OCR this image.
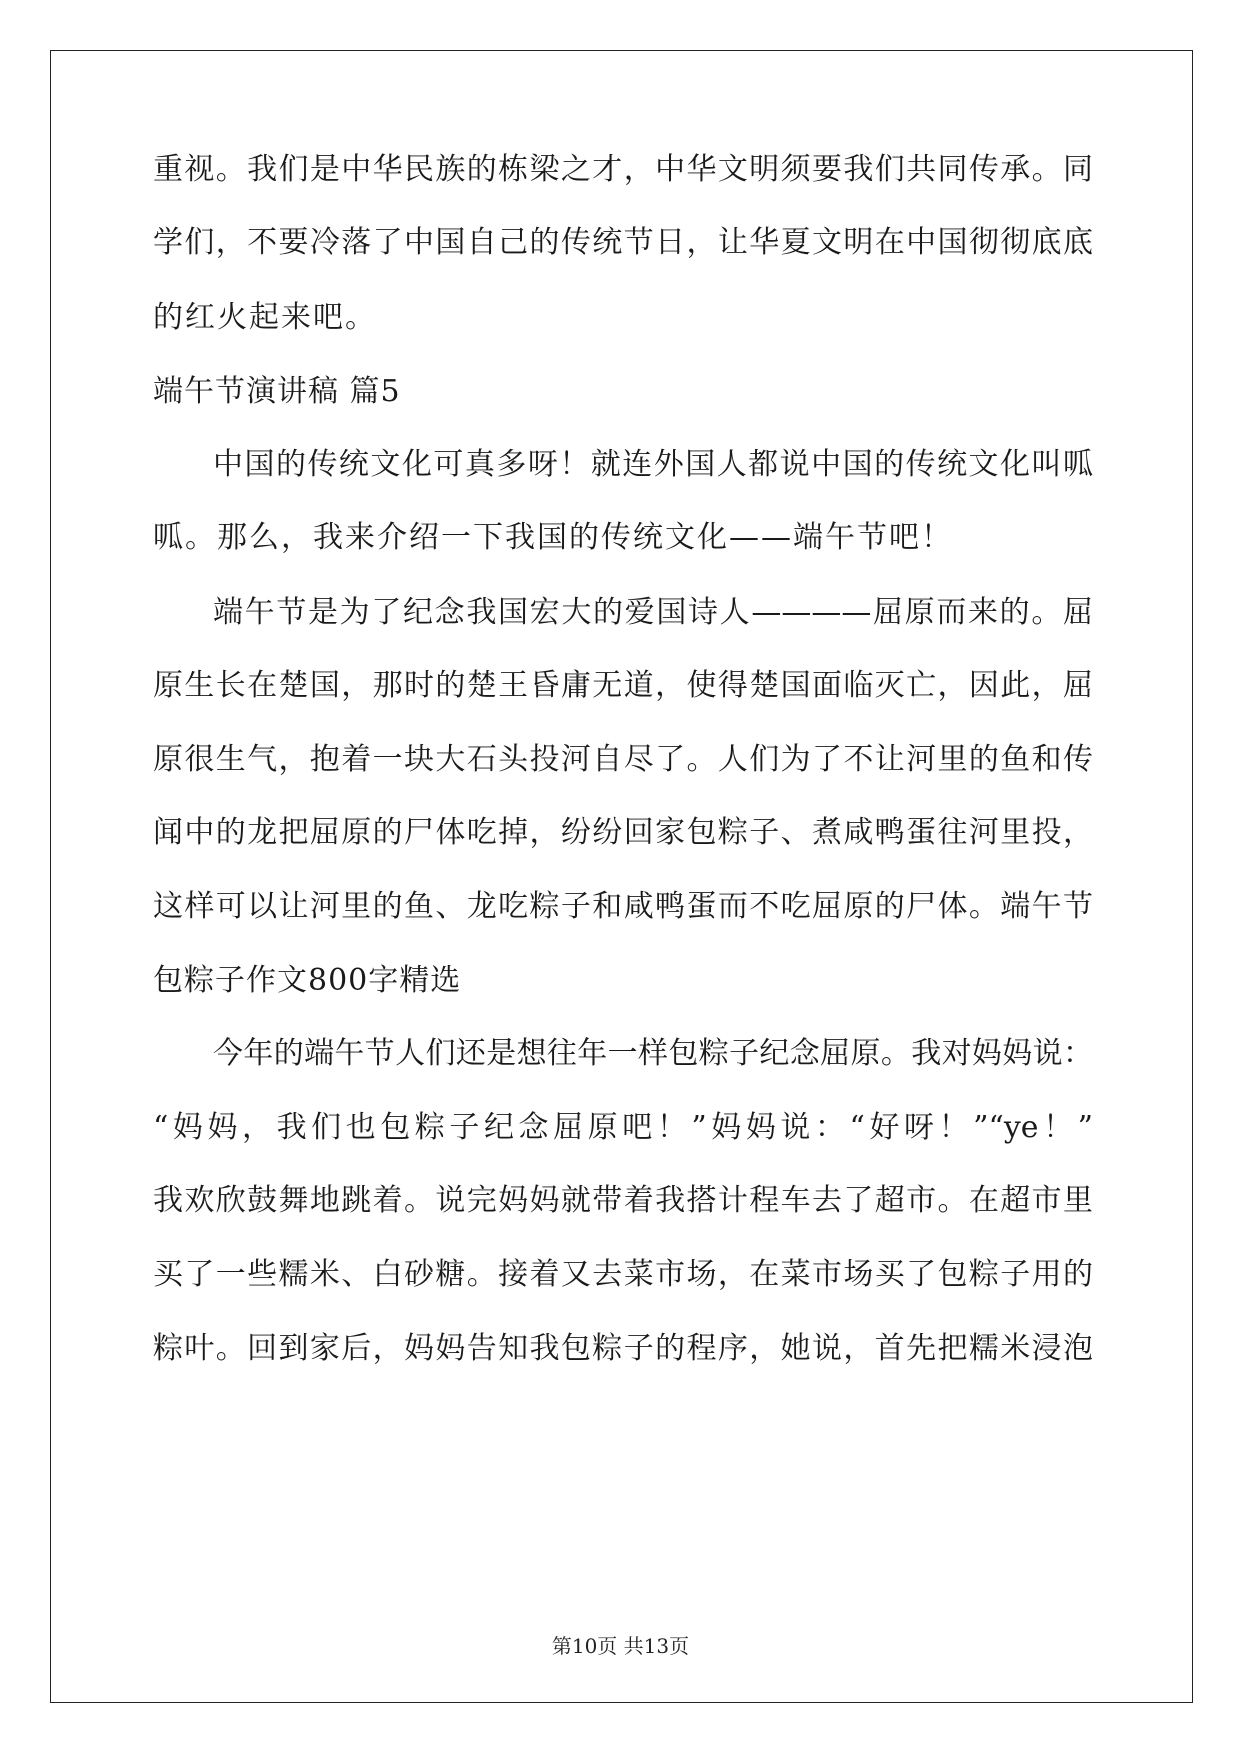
重视。我们是中华民族的栋梁之才，中华文明须要我们共同传承。同
学们，不要冷落了中国自己的传统节日，让华夏文明在中国彻彻底底
的红火起来吧。
端午节演讲稿 篇5
中国的传统文化可真多呀！就连外国人都说中国的传统文化叫呱
呱。那么，我来介绍一下我国的传统文化——端午节吧！
端午节是为了纪念我国宏大的爱国诗人————屈原而来的。屈
原生长在楚国，那时的楚王昏庸无道，使得楚国面临灭亡，因此，屈
原很生气，抱着一块大石头投河自尽了。人们为了不让河里的鱼和传
闻中的龙把屈原的尸体吃掉，纷纷回家包粽子、煮咸鸭蛋往河里投，
这样可以让河里的鱼、龙吃粽子和咸鸭蛋而不吃屈原的尸体。端午节
包粽子作文800字精选
今年的端午节人们还是想往年一样包粽子纪念屈原。我对妈妈说：
“妈妈，我们也包粽子纪念屈原吧！”妈妈说：“好呀！”“ye！”
我欢欣鼓舞地跳着。说完妈妈就带着我搭计程车去了超市。在超市里
买了一些糯米、白砂糖。接着又去菜市场，在菜市场买了包粽子用的
粽叶。回到家后，妈妈告知我包粽子的程序，她说，首先把糯米浸泡
第10页 共13页
